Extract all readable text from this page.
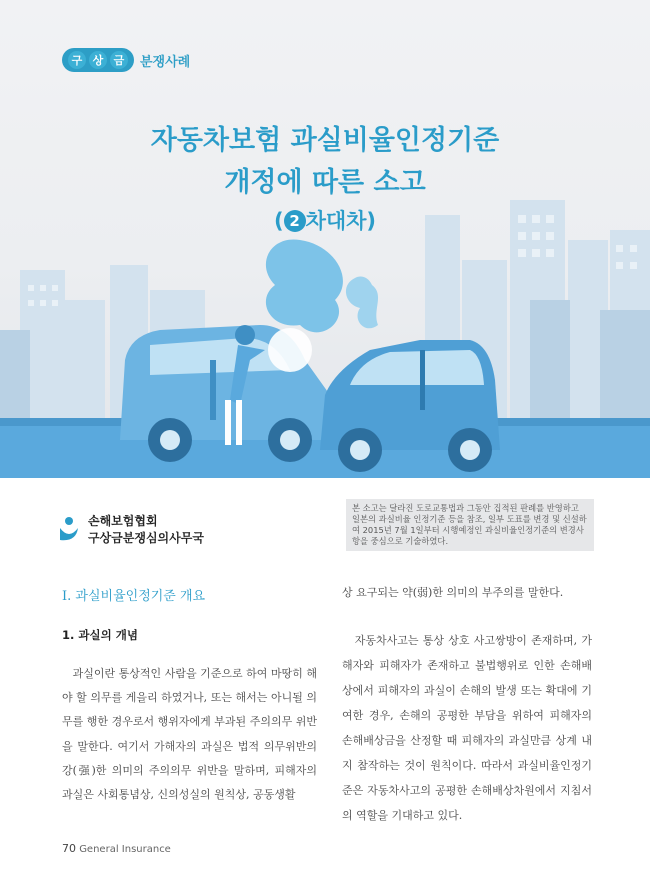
구 상 금 분쟁사례
자동차보험 과실비율인정기준
개정에 따른 소고
( 2 차대차)
손해보험협회
구상금분쟁심의사무국
본 소고는 달라진 도로교통법과 그동안 집적된 판례를 반영하고 일본의 과실비율 인정기준 등을 참조, 일부 도표를 변경 및 신설하여 2015년 7월 1일부터 시행예정인 과실비율인정기준의 변경사항을 중심으로 기술하였다.
Ⅰ. 과실비율인정기준 개요
1. 과실의 개념
과실이란 통상적인 사람을 기준으로 하여 마땅히 해야 할 의무를 게을리 하였거나, 또는 해서는 아니될 의무를 행한 경우로서 행위자에게 부과된 주의의무 위반을 말한다. 여기서 가해자의 과실은 법적 의무위반의 강(强)한 의미의 주의의무 위반을 말하며, 피해자의 과실은 사회통념상, 신의성실의 원칙상, 공동생활
상 요구되는 약(弱)한 의미의 부주의를 말한다.
자동차사고는 통상 상호 사고쌍방이 존재하며, 가해자와 피해자가 존재하고 불법행위로 인한 손해배상에서 피해자의 과실이 손해의 발생 또는 확대에 기여한 경우, 손해의 공평한 부담을 위하여 피해자의 손해배상금을 산정할 때 피해자의 과실만큼 상계 내지 참작하는 것이 원칙이다. 따라서 과실비율인정기준은 자동차사고의 공평한 손해배상차원에서 지침서의 역할을 기대하고 있다.
70 General Insurance
